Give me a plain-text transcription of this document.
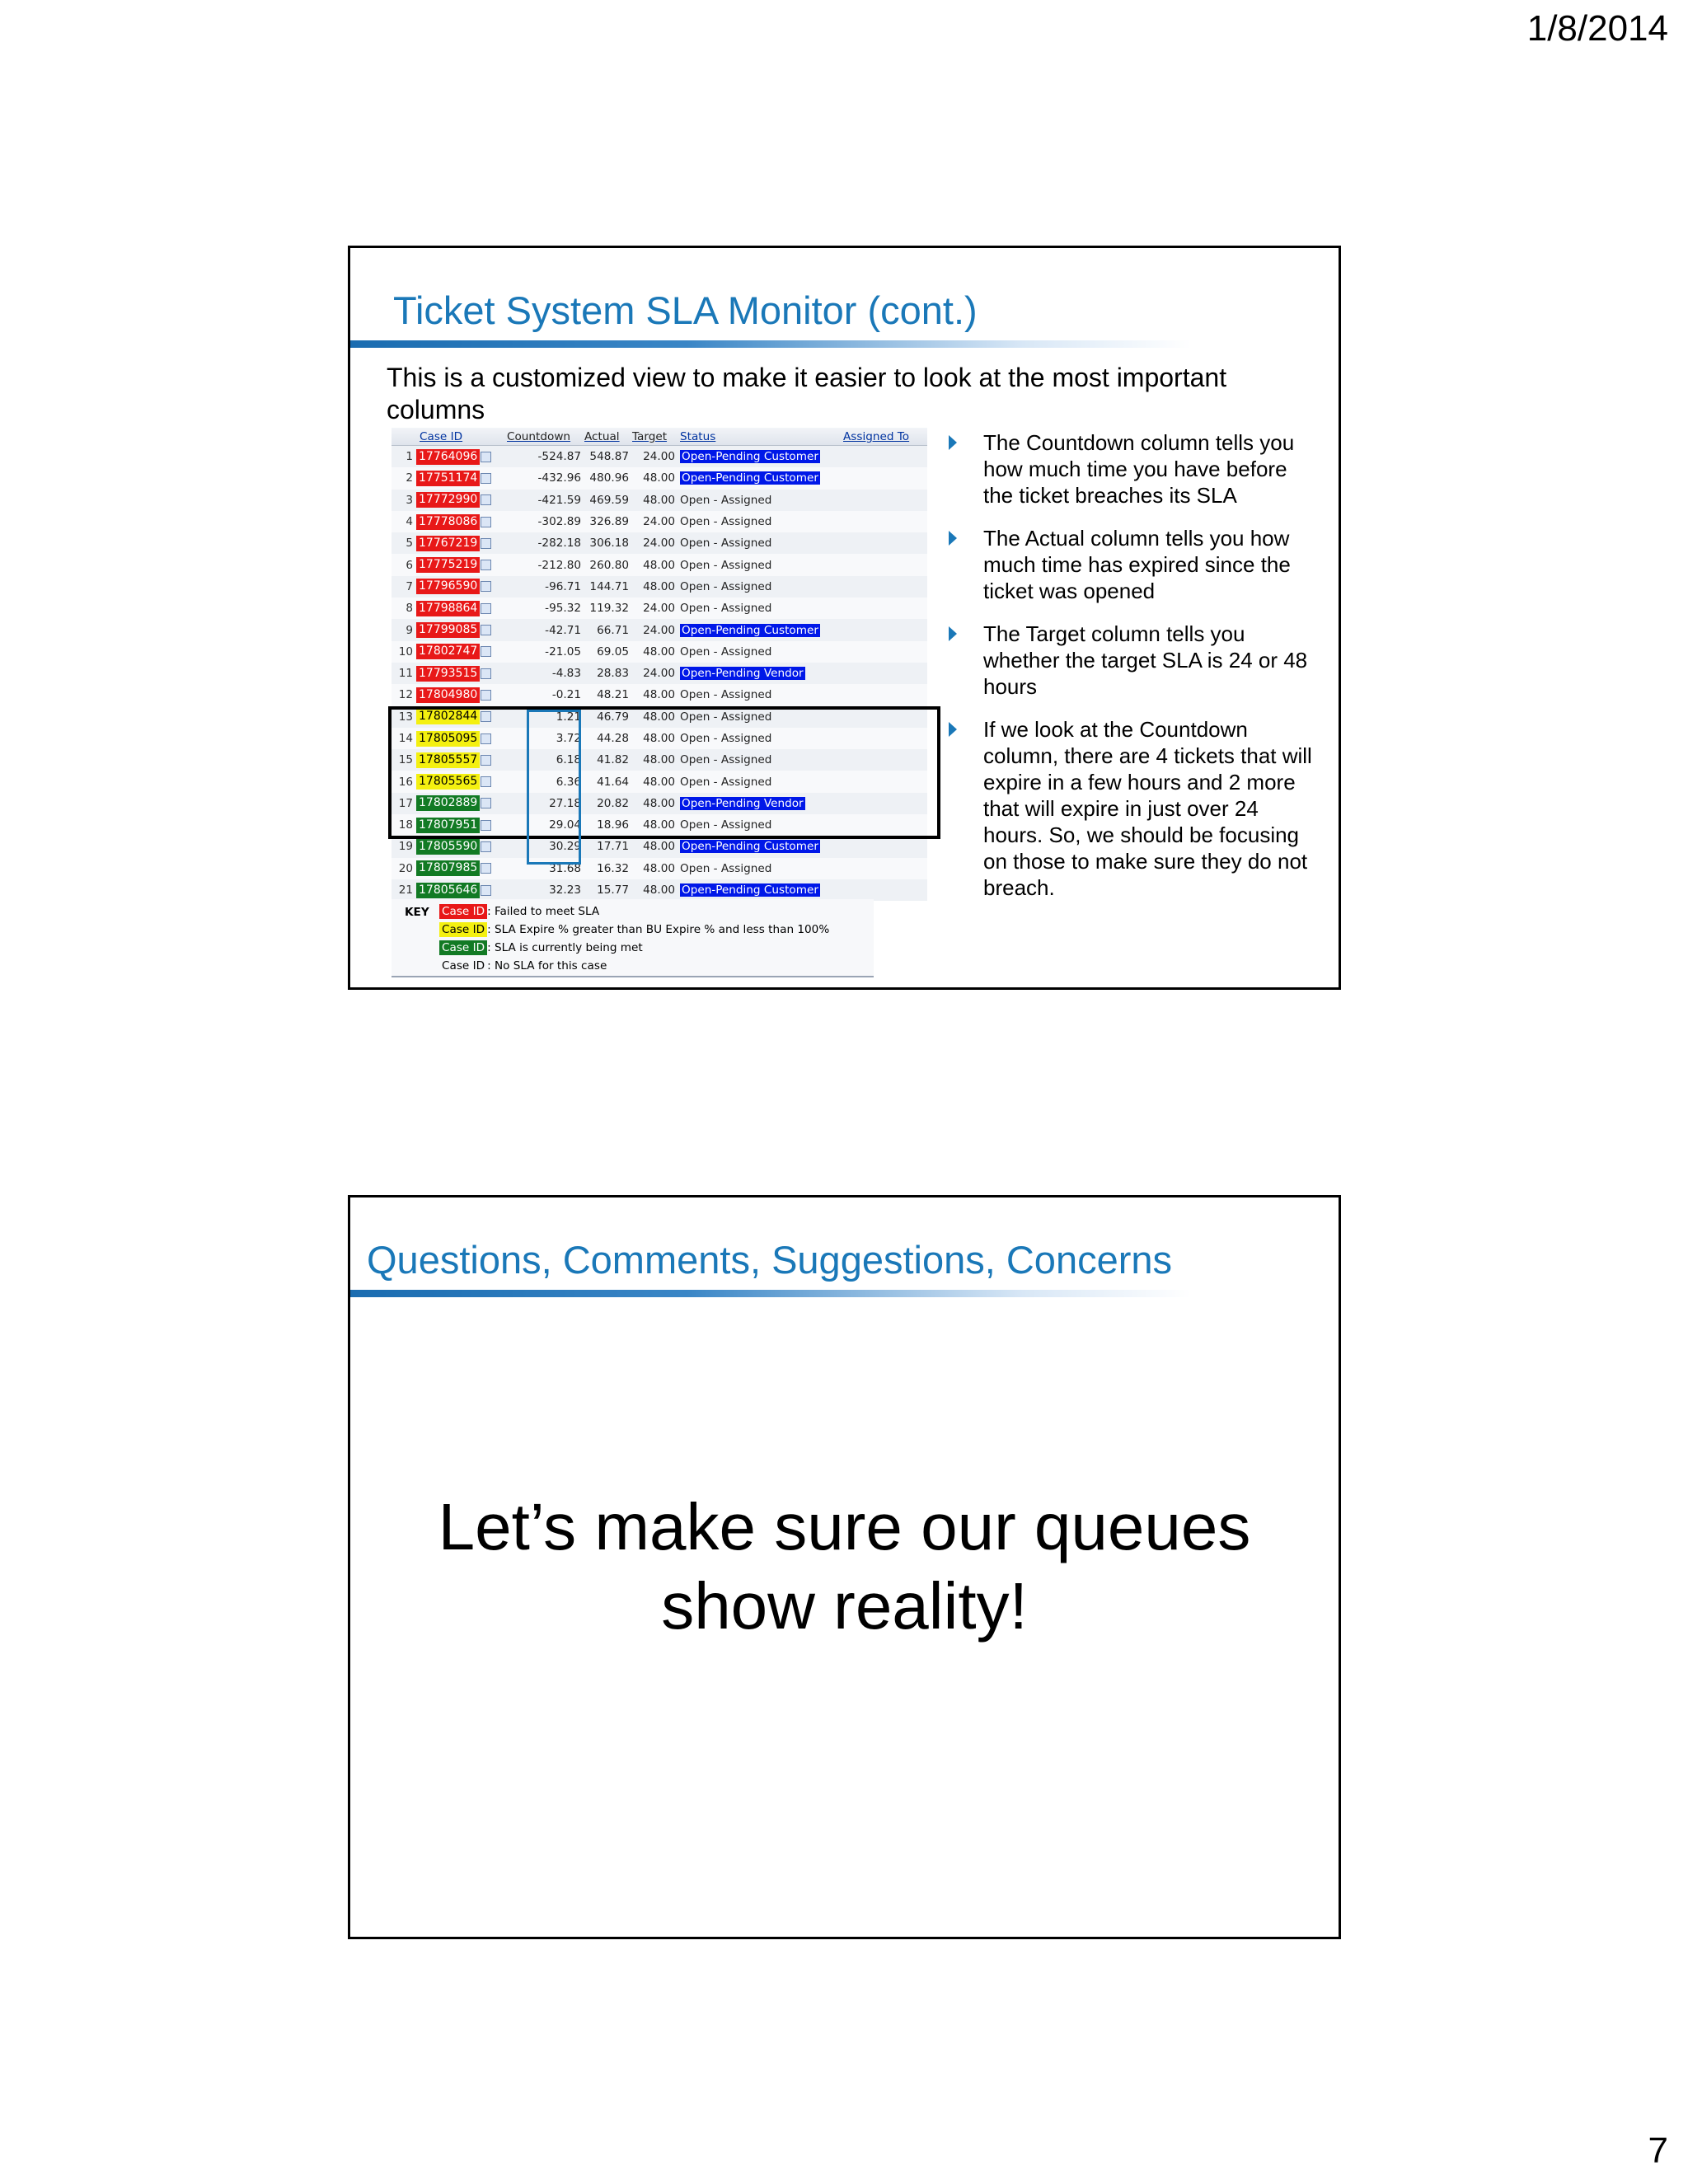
1/8/2014
Ticket System SLA Monitor (cont.)
This is a customized view to make it easier to look at the most important columns
Case ID	Countdown	Actual	Target	Status	Assigned To
1 17764096	-524.87 548.87	24.00 Open-Pending Customer
2 17751174	-432.96 480.96	48.00 Open-Pending Customer
3 17772990	-421.59 469.59	48.00 Open - Assigned
4 17778086	-302.89 326.89	24.00 Open - Assigned
5 17767219	-282.18 306.18	24.00 Open - Assigned
6 17775219	-212.80 260.80	48.00 Open - Assigned
7 17796590	-96.71 144.71	48.00 Open - Assigned
8 17798864	-95.32 119.32	24.00 Open - Assigned
9 17799085	-42.71	66.71	24.00 Open-Pending Customer
10 17802747	-21.05	69.05	48.00 Open - Assigned
11 17793515	-4.83	28.83	24.00 Open-Pending Vendor
12 17804980	-0.21	48.21	48.00 Open - Assigned
13 17802844	1.21	46.79	48.00 Open - Assigned
14 17805095	3.72	44.28	48.00 Open - Assigned
15 17805557	6.18	41.82	48.00 Open - Assigned
16 17805565	6.36	41.64	48.00 Open - Assigned
17 17802889	27.18	20.82	48.00 Open-Pending Vendor
18 17807951	29.04	18.96	48.00 Open - Assigned
19 17805590	30.29	17.71	48.00 Open-Pending Customer
20 17807985	31.68	16.32	48.00 Open - Assigned
21 17805646	32.23	15.77	48.00 Open-Pending Customer
KEY Case ID : Failed to meet SLA
Case ID : SLA Expire % greater than BU Expire % and less than 100%
Case ID : SLA is currently being met
Case ID : No SLA for this case
The Countdown column tells you how much time you have before the ticket breaches its SLA
The Actual column tells you how much time has expired since the ticket was opened
The Target column tells you whether the target SLA is 24 or 48 hours
If we look at the Countdown column, there are 4 tickets that will expire in a few hours and 2 more that will expire in just over 24 hours. So, we should be focusing on those to make sure they do not breach.
Questions, Comments, Suggestions, Concerns
Let’s make sure our queues
show reality!
7
